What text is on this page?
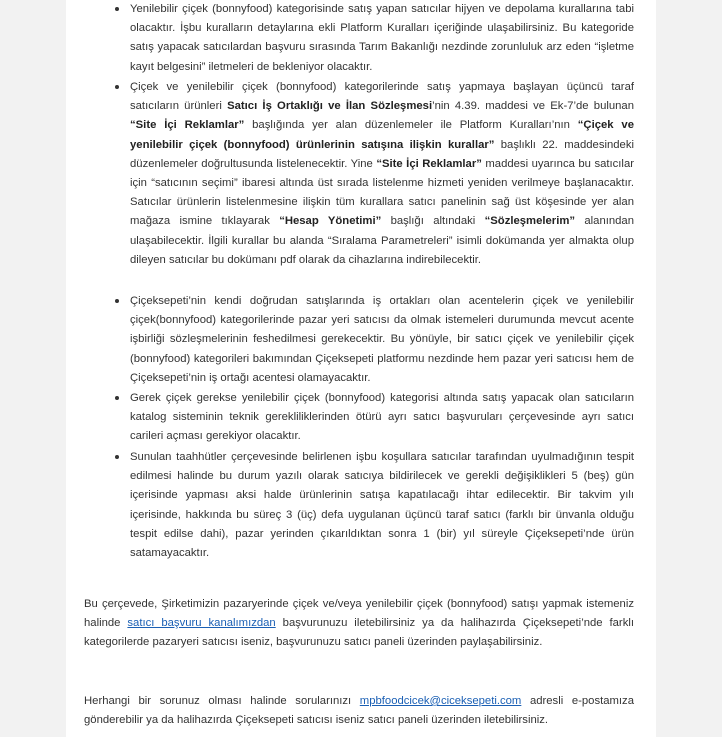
Yenilebilir çiçek (bonnyfood) kategorisinde satış yapan satıcılar hijyen ve depolama kurallarına tabi olacaktır. İşbu kuralların detaylarına ekli Platform Kuralları içeriğinde ulaşabilirsiniz. Bu kategoride satış yapacak satıcılardan başvuru sırasında Tarım Bakanlığı nezdinde zorunluluk arz eden “işletme kayıt belgesini” iletmeleri de bekleniyor olacaktır.
Çiçek ve yenilebilir çiçek (bonnyfood) kategorilerinde satış yapmaya başlayan üçüncü taraf satıcıların ürünleri Satıcı İş Ortaklığı ve İlan Sözleşmesi’nin 4.39. maddesi ve Ek-7’de bulunan “Site İçi Reklamlar” başlığında yer alan düzenlemeler ile Platform Kuralları’nın “Çiçek ve yenilebilir çiçek (bonnyfood) ürünlerinin satışına ilişkin kurallar” başlıklı 22. maddesindeki düzenlemeler doğrultusunda listelenecektir. Yine “Site İçi Reklamlar” maddesi uyarınca bu satıcılar için “satıcının seçimi” ibaresi altında üst sırada listelenme hizmeti yeniden verilmeye başlanacaktır. Satıcılar ürünlerin listelenmesine ilişkin tüm kurallara satıcı panelinin sağ üst köşesinde yer alan mağaza ismine tıklayarak “Hesap Yönetimi” başlığı altındaki “Sözleşmelerim” alanından ulaşabilecektir. İlgili kurallar bu alanda “Sıralama Parametreleri” isimli dokümanda yer almakta olup dileyen satıcılar bu dokümanı pdf olarak da cihazlarına indirebilecektir.
Çiçeksepeti’nin kendi doğrudan satışlarında iş ortakları olan acentelerin çiçek ve yenilebilir çiçek(bonnyfood) kategorilerinde pazar yeri satıcısı da olmak istemeleri durumunda mevcut acente işbirliği sözleşmelerinin feshedilmesi gerekecektir. Bu yönüyle, bir satıcı çiçek ve yenilebilir çiçek (bonnyfood) kategorileri bakımından Çiçeksepeti platformu nezdinde hem pazar yeri satıcısı hem de Çiçeksepeti’nin iş ortağı acentesi olamayacaktır.
Gerek çiçek gerekse yenilebilir çiçek (bonnyfood) kategorisi altında satış yapacak olan satıcıların katalog sisteminin teknik gerekliliklerinden ötürü ayrı satıcı başvuruları çerçevesinde ayrı satıcı carileri açması gerekiyor olacaktır.
Sunulan taahhütler çerçevesinde belirlenen işbu koşullara satıcılar tarafından uyulmadığının tespit edilmesi halinde bu durum yazılı olarak satıcıya bildirilecek ve gerekli değişiklikleri 5 (beş) gün içerisinde yapması aksi halde ürünlerinin satışa kapatılacağı ihtar edilecektir. Bir takvim yılı içerisinde, hakkında bu süreç 3 (üç) defa uygulanan üçüncü taraf satıcı (farklı bir ünvanla olduğu tespit edilse dahi), pazar yerinden çıkarıldıktan sonra 1 (bir) yıl süreyle Çiçeksepeti’nde ürün satamayacaktır.

Bu çerçevede, Şirketimizin pazaryerinde çiçek ve/veya yenilebilir çiçek (bonnyfood) satışı yapmak istemeniz halinde satıcı başvuru kanalımızdan başvurunuzu iletebilirsiniz ya da halihazırda Çiçeksepeti’nde farklı kategorilerde pazaryeri satıcısı iseniz, başvurunuzu satıcı paneli üzerinden paylaşabilirsiniz.

Herhangi bir sorunuz olması halinde sorularınızı mpbfoodcicek@ciceksepeti.com adresli e-postamıza gönderebilir ya da halihazırda Çiçeksepeti satıcısı iseniz satıcı paneli üzerinden iletebilirsiniz.
